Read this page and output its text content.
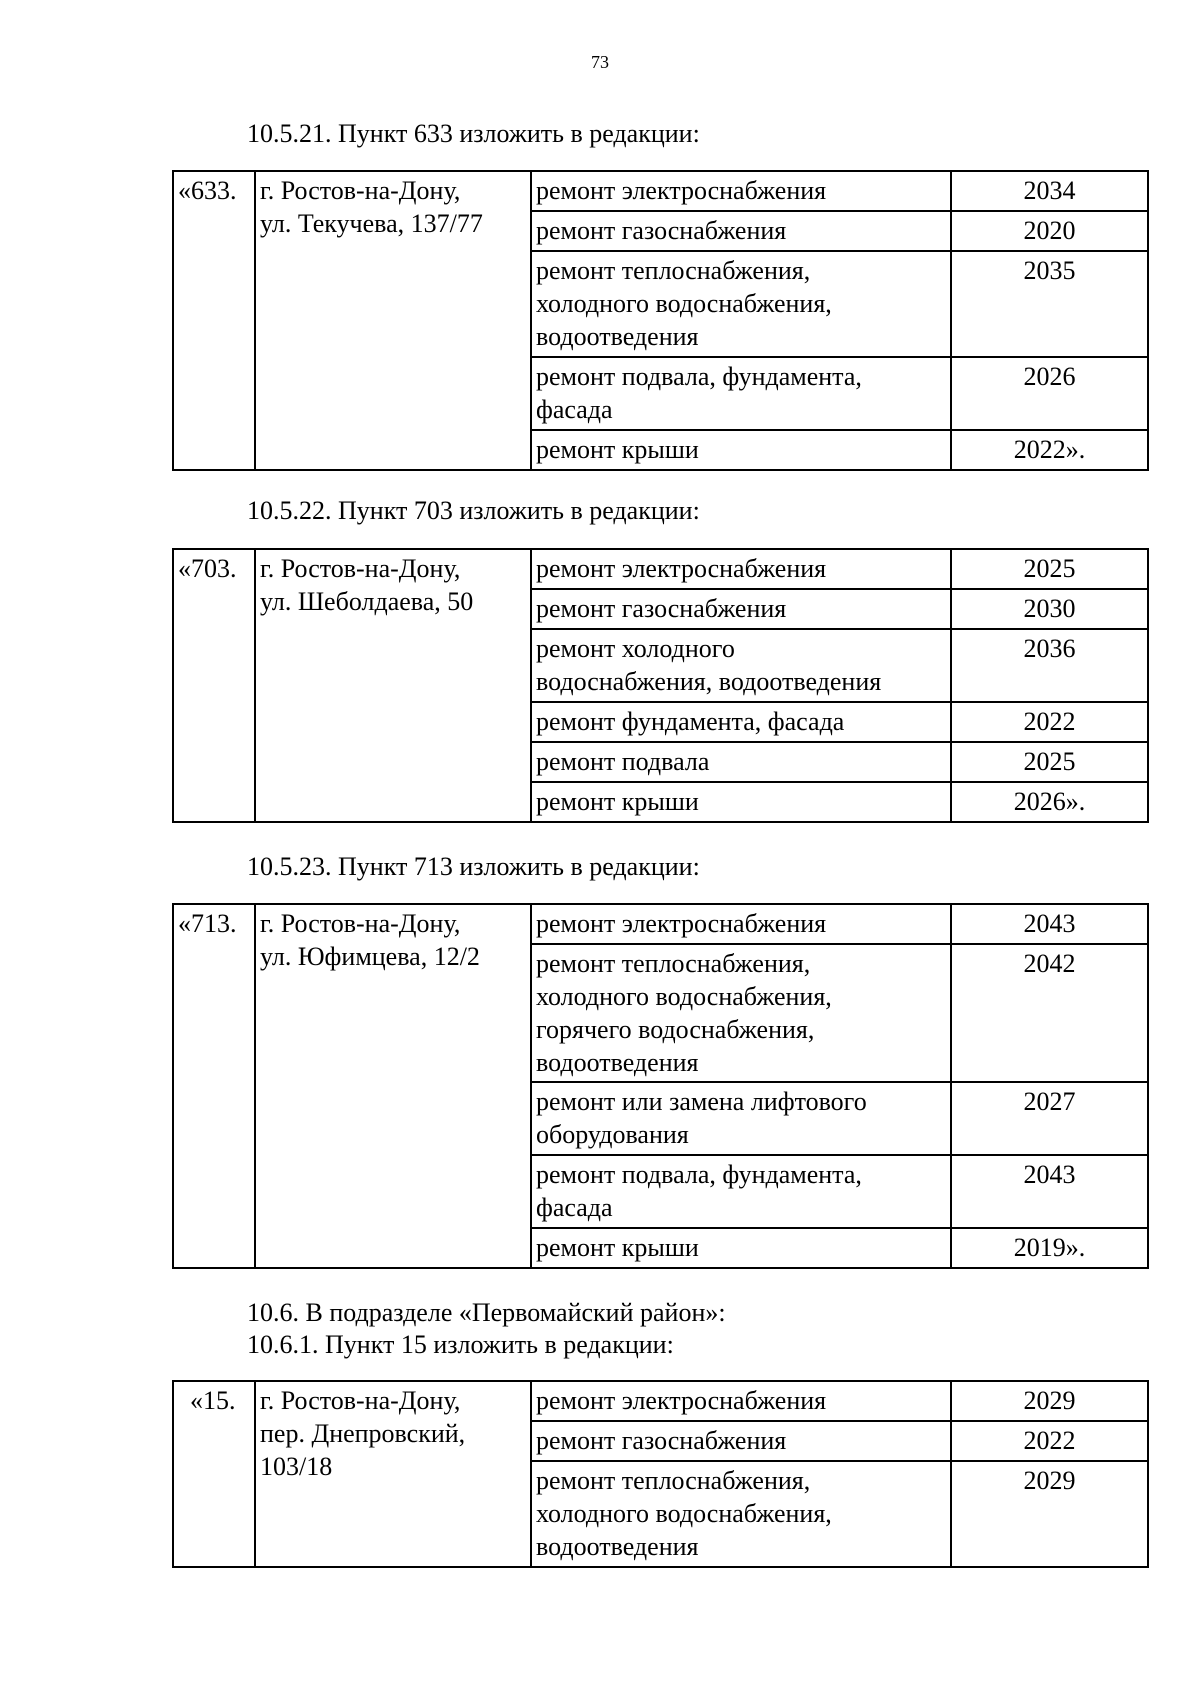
73
10.5.21. Пункт 633 изложить в редакции:
«633.	г. Ростов-на-Дону,
ул. Текучева, 137/77	ремонт электроснабжения	2034
		ремонт газоснабжения	2020
		ремонт теплоснабжения,
холодного водоснабжения,
водоотведения	2035
		ремонт подвала, фундамента,
фасада	2026
		ремонт крыши	2022».
10.5.22. Пункт 703 изложить в редакции:
«703.	г. Ростов-на-Дону,
ул. Шеболдаева, 50	ремонт электроснабжения	2025
		ремонт газоснабжения	2030
		ремонт холодного
водоснабжения, водоотведения	2036
		ремонт фундамента, фасада	2022
		ремонт подвала	2025
		ремонт крыши	2026».
10.5.23. Пункт 713 изложить в редакции:
«713.	г. Ростов-на-Дону,
ул. Юфимцева, 12/2	ремонт электроснабжения	2043
		ремонт теплоснабжения,
холодного водоснабжения,
горячего водоснабжения,
водоотведения	2042
		ремонт или замена лифтового
оборудования	2027
		ремонт подвала, фундамента,
фасада	2043
		ремонт крыши	2019».
10.6. В подразделе «Первомайский район»:
10.6.1. Пункт 15 изложить в редакции:
«15.	г. Ростов-на-Дону,
пер. Днепровский,
103/18	ремонт электроснабжения	2029
		ремонт газоснабжения	2022
		ремонт теплоснабжения,
холодного водоснабжения,
водоотведения	2029
